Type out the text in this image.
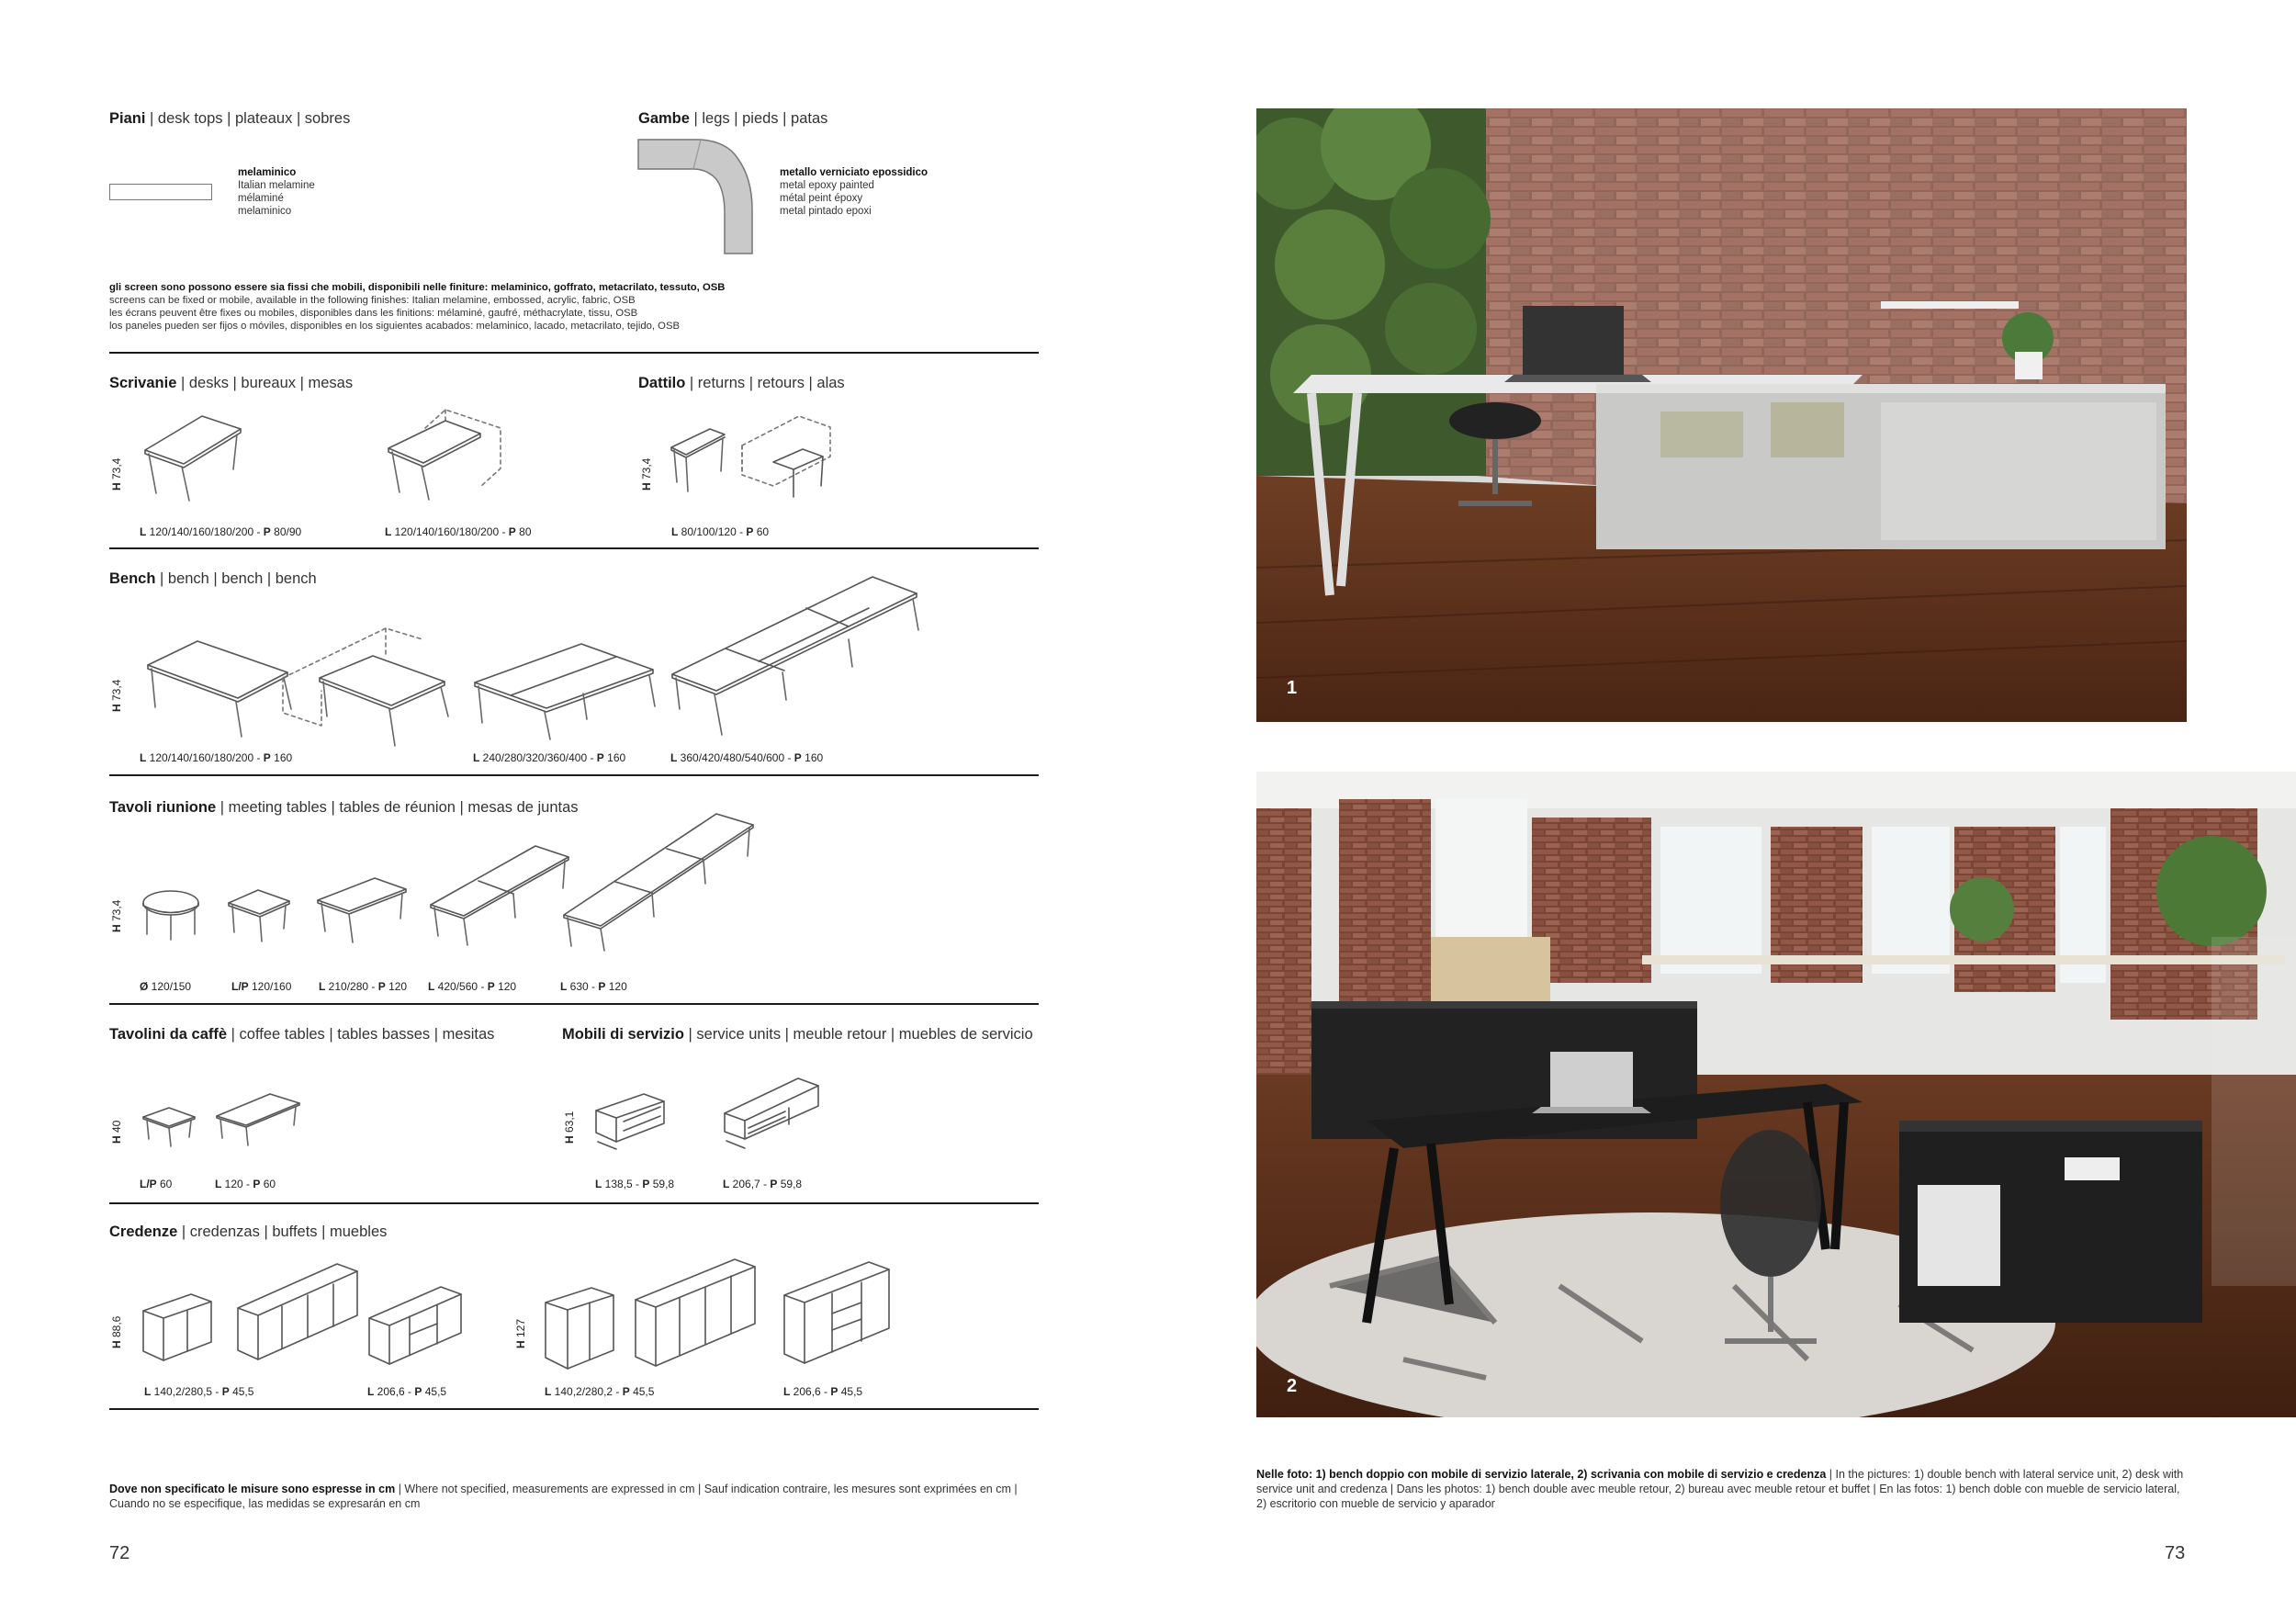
Piani | desk tops | plateaux | sobres
melaminico
Italian melamine
mélaminé
melaminico
Gambe | legs | pieds | patas
metallo verniciato epossidico
metal epoxy painted
métal peint époxy
metal pintado epoxi
gli screen sono possono essere sia fissi che mobili, disponibili nelle finiture: melaminico, goffrato, metacrilato, tessuto, OSB
screens can be fixed or mobile, available in the following finishes: Italian melamine, embossed, acrylic, fabric, OSB
les écrans peuvent être fixes ou mobiles, disponibles dans les finitions: mélaminé, gaufré, méthacrylate, tissu, OSB
los paneles pueden ser fijos o móviles, disponibles en los siguientes acabados: melaminico, lacado, metacrilato, tejido, OSB
Scrivanie | desks | bureaux | mesas	Dattilo | returns | retours | alas
H 73,4
H 73,4
L 120/140/160/180/200 - P 80/90	L 120/140/160/180/200 - P 80	L 80/100/120 - P 60
Bench | bench | bench | bench
H 73,4
L 120/140/160/180/200 - P 160	L 240/280/320/360/400 - P 160	L 360/420/480/540/600 - P 160
Tavoli riunione | meeting tables | tables de réunion | mesas de juntas
H 73,4
Ø 120/150	L/P 120/160 L 210/280 - P 120 L 420/560 - P 120	L 630 - P 120
Tavolini da caffè | coffee tables | tables basses | mesitas	Mobili di servizio | service units | meuble retour | muebles de servicio
H 40
H 63,1
L/P 60	L 120 - P 60	L 138,5 - P 59,8	L 206,7 - P 59,8
Credenze | credenzas | buffets | muebles
H 88,6
H 127
L 140,2/280,5 - P 45,5	L 206,6 - P 45,5	L 140,2/280,2 - P 45,5	L 206,6 - P 45,5
Dove non specificato le misure sono espresse in cm | Where not specified, measurements are expressed in cm | Sauf indication contraire, les mesures sont exprimées en cm | Cuando no se especifique, las medidas se expresarán en cm
72	73
1
2
Nelle foto: 1) bench doppio con mobile di servizio laterale, 2) scrivania con mobile di servizio e credenza | In the pictures: 1) double bench with lateral service unit, 2) desk with service unit and credenza | Dans les photos: 1) bench double avec meuble retour, 2) bureau avec meuble retour et buffet | En las fotos: 1) bench doble con mueble de servicio lateral, 2) escritorio con mueble de servicio y aparador
